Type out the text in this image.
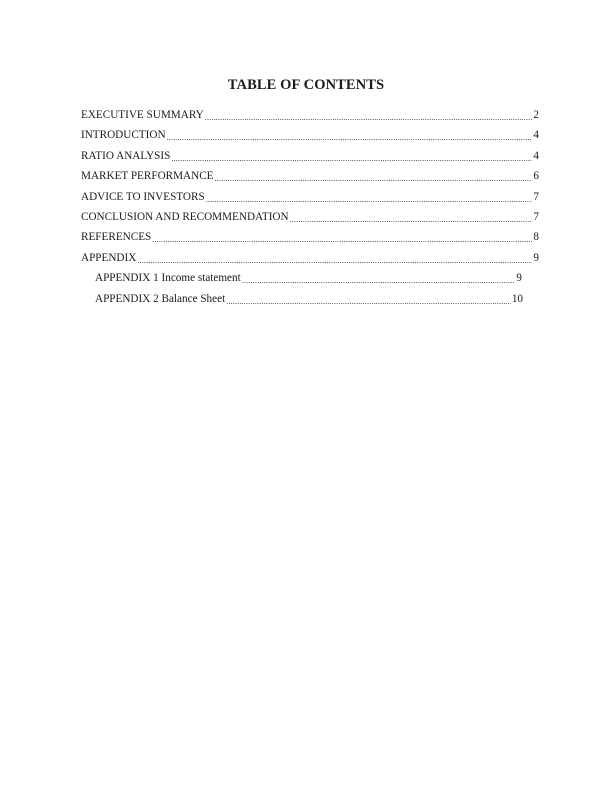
TABLE OF CONTENTS
EXECUTIVE SUMMARY .....	2
INTRODUCTION .....	4
RATIO ANALYSIS .....	4
MARKET PERFORMANCE .....	6
ADVICE TO INVESTORS .....	7
CONCLUSION AND RECOMMENDATION .....	7
REFERENCES .....	8
APPENDIX .....	9
APPENDIX 1 Income statement .....	9
APPENDIX 2 Balance Sheet .....	10
